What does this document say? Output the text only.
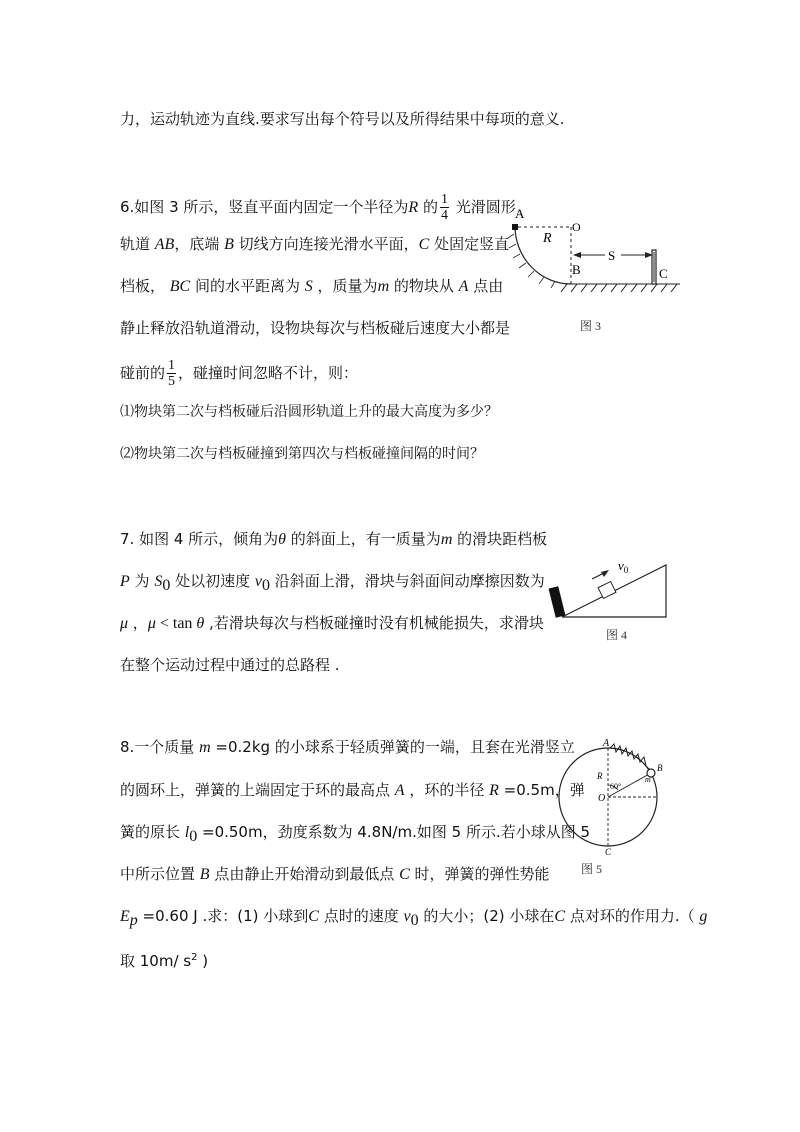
力，运动轨迹为直线.要求写出每个符号以及所得结果中每项的意义.
6.如图 3 所示，竖直平面内固定一个半径为R 的 $\frac{1}{4}$ 光滑圆形
轨道 AB，底端 B 切线方向连接光滑水平面，C 处固定竖直
档板， BC 间的水平距离为 S ，质量为m 的物块从 A 点由
静止释放沿轨道滑动，设物块每次与档板碰后速度大小都是
碰前的 $\frac{1}{5}$ ，碰撞时间忽略不计，则：
⑴物块第二次与档板碰后沿圆形轨道上升的最大高度为多少？
⑵物块第二次与档板碰撞到第四次与档板碰撞间隔的时间？
A
R
O
B
S
C
图 3
7. 如图 4 所示，倾角为θ 的斜面上，有一质量为m 的滑块距档板
P 为 $S_0$ 处以初速度 $v_0$ 沿斜面上滑，滑块与斜面间动摩擦因数为
μ ，μ < tan θ ,若滑块每次与档板碰撞时没有机械能损失，求滑块
在整个运动过程中通过的总路程 .
$v_0$
图 4
8.一个质量 m =0.2kg 的小球系于轻质弹簧的一端，且套在光滑竖立
的圆环上，弹簧的上端固定于环的最高点 A ，环的半径 R =0.5m，弹
簧的原长 $l_0 =0.50m$，劲度系数为 4.8N/m.如图 5 所示.若小球从图 5
中所示位置 B 点由静止开始滑动到最低点 C 时，弹簧的弹性势能
$E_p =0.60$ J .求：(1) 小球到C 点时的速度 $v_0$ 的大小；(2) 小球在C 点对环的作用力.（ g
取 10m/ $s^2$ )
A
R
60°
O
B
m
C
图 5
